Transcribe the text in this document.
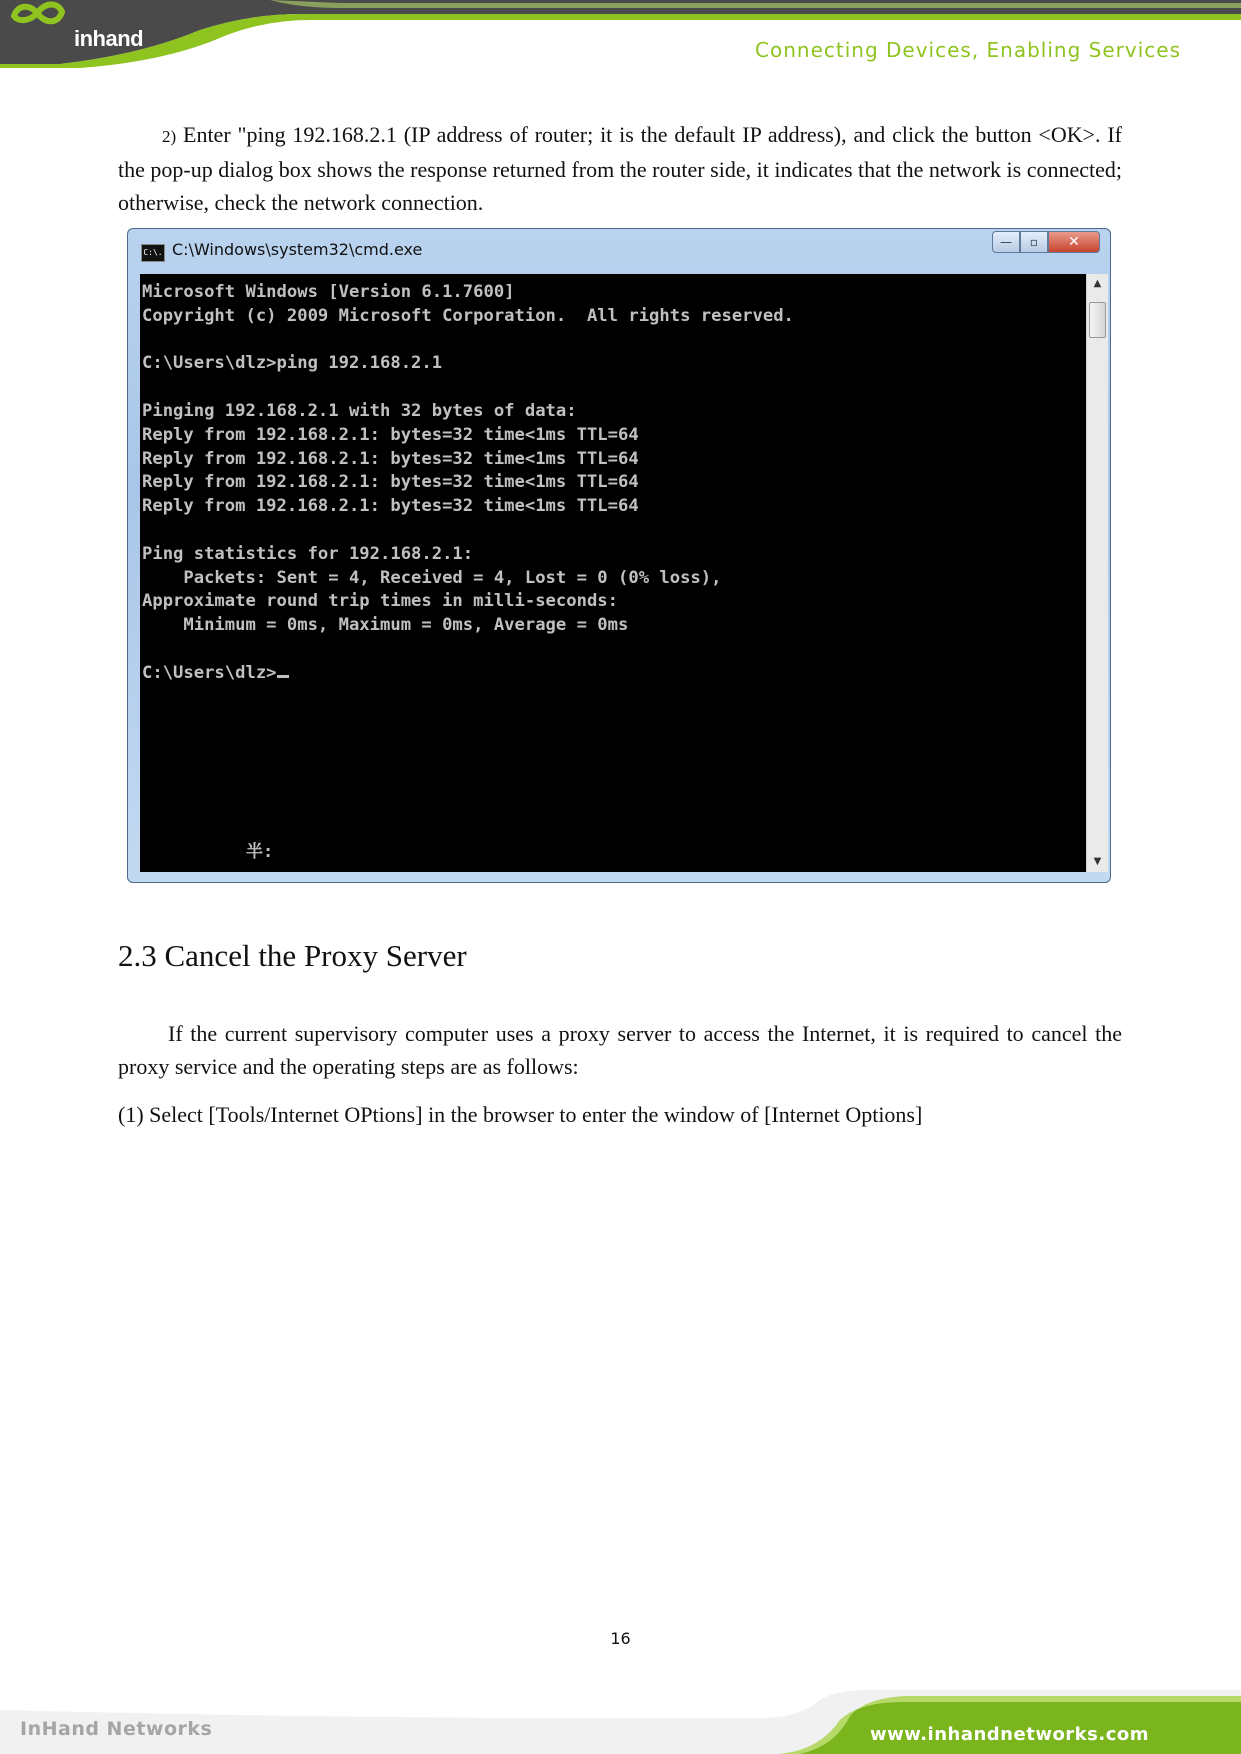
inhand	Connecting Devices, Enabling Services

2) Enter "ping 192.168.2.1 (IP address of router; it is the default IP address), and click the button <OK>. If the pop-up dialog box shows the response returned from the router side, it indicates that the network is connected; otherwise, check the network connection.

C:\. C:\Windows\system32\cmd.exe	—	▫	✕
Microsoft Windows [Version 6.1.7600]
Copyright (c) 2009 Microsoft Corporation.  All rights reserved.

C:\Users\dlz>ping 192.168.2.1

Pinging 192.168.2.1 with 32 bytes of data:
Reply from 192.168.2.1: bytes=32 time<1ms TTL=64
Reply from 192.168.2.1: bytes=32 time<1ms TTL=64
Reply from 192.168.2.1: bytes=32 time<1ms TTL=64
Reply from 192.168.2.1: bytes=32 time<1ms TTL=64

Ping statistics for 192.168.2.1:
Packets: Sent = 4, Received = 4, Lost = 0 (0% loss),
Approximate round trip times in milli-seconds:
Minimum = 0ms, Maximum = 0ms, Average = 0ms

C:\Users\dlz>

半:
▲
▼
2.3 Cancel the Proxy Server

If the current supervisory computer uses a proxy server to access the Internet, it is required to cancel the proxy service and the operating steps are as follows:

(1) Select [Tools/Internet OPtions] in the browser to enter the window of [Internet Options]

16
InHand Networks	www.inhandnetworks.com
